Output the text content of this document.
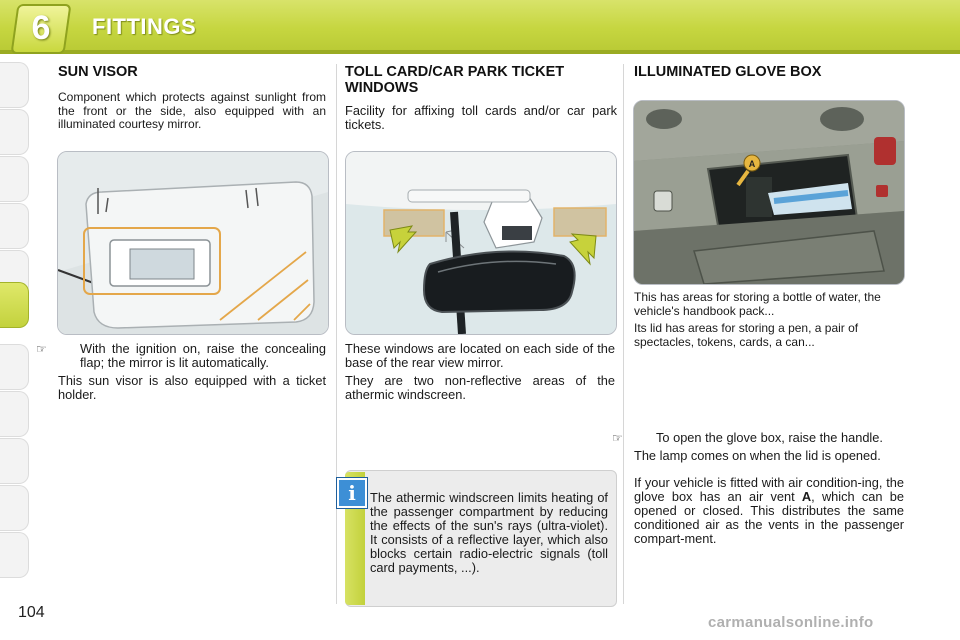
6	FITTINGS
SUN VISOR

Component which protects against sunlight from the front or the side, also equipped with an illuminated courtesy mirror.

☞	With the ignition on, raise the concealing flap; the mirror is lit automatically.

This sun visor is also equipped with a ticket holder.

TOLL CARD/CAR PARK TICKET WINDOWS

Facility for affixing toll cards and/or car park tickets.

These windows are located on each side of the base of the rear view mirror.

They are two non-reflective areas of the athermic windscreen.

i	The athermic windscreen limits heating of the passenger compartment by reducing the effects of the sun's rays (ultra-violet). It consists of a reflective layer, which also blocks certain radio-electric signals (toll card payments, ...).

ILLUMINATED GLOVE BOX
A

This has areas for storing a bottle of water, the vehicle's handbook pack...

Its lid has areas for storing a pen, a pair of spectacles, tokens, cards, a can...

☞	To open the glove box, raise the handle.

The lamp comes on when the lid is opened.

If your vehicle is fitted with air condition-ing, the glove box has an air vent A, which can be opened or closed. This distributes the same conditioned air as the vents in the passenger compart-ment.

104
carmanualsonline.info
